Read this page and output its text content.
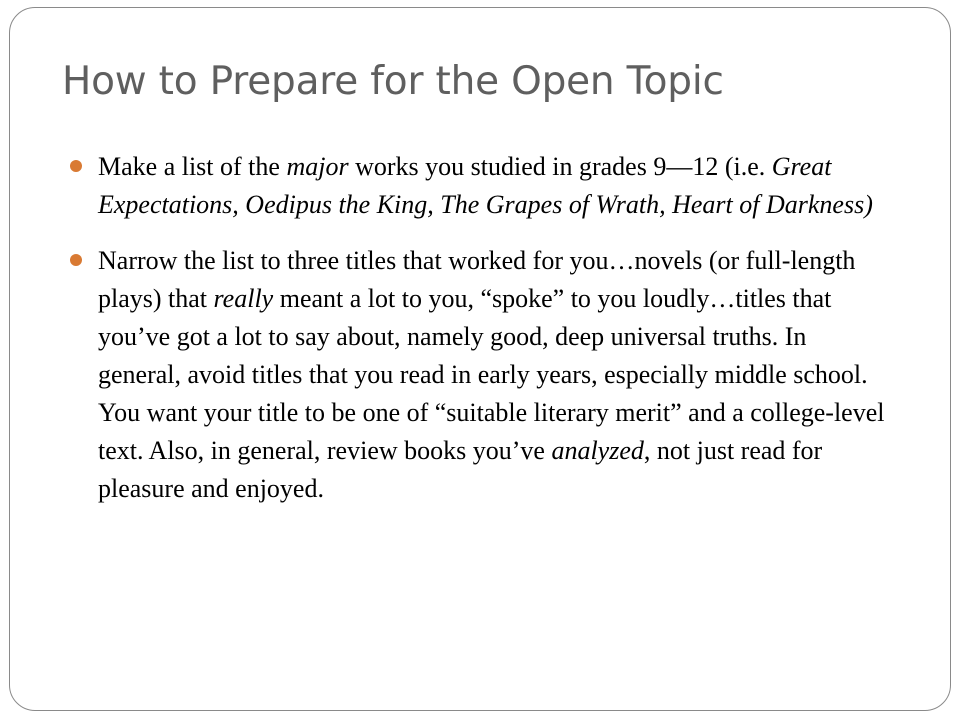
How to Prepare for the Open Topic
Make a list of the major works you studied in grades 9—12 (i.e. Great Expectations, Oedipus the King, The Grapes of Wrath, Heart of Darkness)
Narrow the list to three titles that worked for you…novels (or full-length plays) that really meant a lot to you, “spoke” to you loudly…titles that you’ve got a lot to say about, namely good, deep universal truths. In general, avoid titles that you read in early years, especially middle school. You want your title to be one of “suitable literary merit” and a college-level text. Also, in general, review books you’ve analyzed, not just read for pleasure and enjoyed.
